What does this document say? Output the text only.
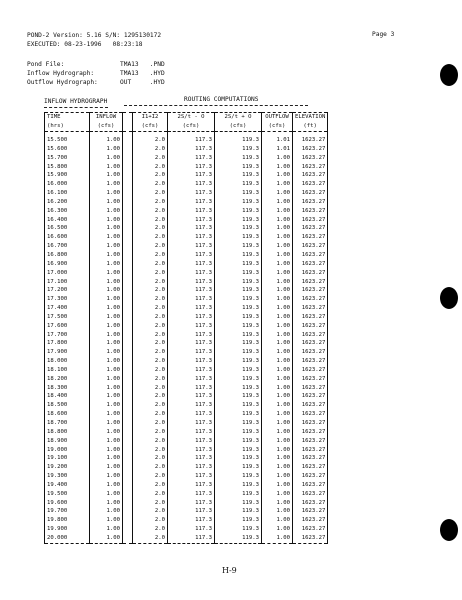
POND-2 Version: 5.16 S/N: 1295130172
EXECUTED: 08-23-1996   08:23:18
Page 3
Pond File:	TMA13   .PND
Inflow Hydrograph:	TMA13   .HYD
Outflow Hydrograph:	OUT     .HYD
INFLOW HYDROGRAPH	ROUTING COMPUTATIONS
TIME	INFLOW		I1+I2	2S/t - O	2S/t + O	OUTFLOW	ELEVATION
(hrs)	(cfs)		(cfs)	(cfs)	(cfs)	(cfs)	(ft)

15.500	1.00		2.0	117.3	119.3	1.01	1623.27
15.600	1.00		2.0	117.3	119.3	1.01	1623.27
15.700	1.00		2.0	117.3	119.3	1.00	1623.27
15.800	1.00		2.0	117.3	119.3	1.00	1623.27
15.900	1.00		2.0	117.3	119.3	1.00	1623.27
16.000	1.00		2.0	117.3	119.3	1.00	1623.27
16.100	1.00		2.0	117.3	119.3	1.00	1623.27
16.200	1.00		2.0	117.3	119.3	1.00	1623.27
16.300	1.00		2.0	117.3	119.3	1.00	1623.27
16.400	1.00		2.0	117.3	119.3	1.00	1623.27
16.500	1.00		2.0	117.3	119.3	1.00	1623.27
16.600	1.00		2.0	117.3	119.3	1.00	1623.27
16.700	1.00		2.0	117.3	119.3	1.00	1623.27
16.800	1.00		2.0	117.3	119.3	1.00	1623.27
16.900	1.00		2.0	117.3	119.3	1.00	1623.27
17.000	1.00		2.0	117.3	119.3	1.00	1623.27
17.100	1.00		2.0	117.3	119.3	1.00	1623.27
17.200	1.00		2.0	117.3	119.3	1.00	1623.27
17.300	1.00		2.0	117.3	119.3	1.00	1623.27
17.400	1.00		2.0	117.3	119.3	1.00	1623.27
17.500	1.00		2.0	117.3	119.3	1.00	1623.27
17.600	1.00		2.0	117.3	119.3	1.00	1623.27
17.700	1.00		2.0	117.3	119.3	1.00	1623.27
17.800	1.00		2.0	117.3	119.3	1.00	1623.27
17.900	1.00		2.0	117.3	119.3	1.00	1623.27
18.000	1.00		2.0	117.3	119.3	1.00	1623.27
18.100	1.00		2.0	117.3	119.3	1.00	1623.27
18.200	1.00		2.0	117.3	119.3	1.00	1623.27
18.300	1.00		2.0	117.3	119.3	1.00	1623.27
18.400	1.00		2.0	117.3	119.3	1.00	1623.27
18.500	1.00		2.0	117.3	119.3	1.00	1623.27
18.600	1.00		2.0	117.3	119.3	1.00	1623.27
18.700	1.00		2.0	117.3	119.3	1.00	1623.27
18.800	1.00		2.0	117.3	119.3	1.00	1623.27
18.900	1.00		2.0	117.3	119.3	1.00	1623.27
19.000	1.00		2.0	117.3	119.3	1.00	1623.27
19.100	1.00		2.0	117.3	119.3	1.00	1623.27
19.200	1.00		2.0	117.3	119.3	1.00	1623.27
19.300	1.00		2.0	117.3	119.3	1.00	1623.27
19.400	1.00		2.0	117.3	119.3	1.00	1623.27
19.500	1.00		2.0	117.3	119.3	1.00	1623.27
19.600	1.00		2.0	117.3	119.3	1.00	1623.27
19.700	1.00		2.0	117.3	119.3	1.00	1623.27
19.800	1.00		2.0	117.3	119.3	1.00	1623.27
19.900	1.00		2.0	117.3	119.3	1.00	1623.27
20.000	1.00		2.0	117.3	119.3	1.00	1623.27
H-9
